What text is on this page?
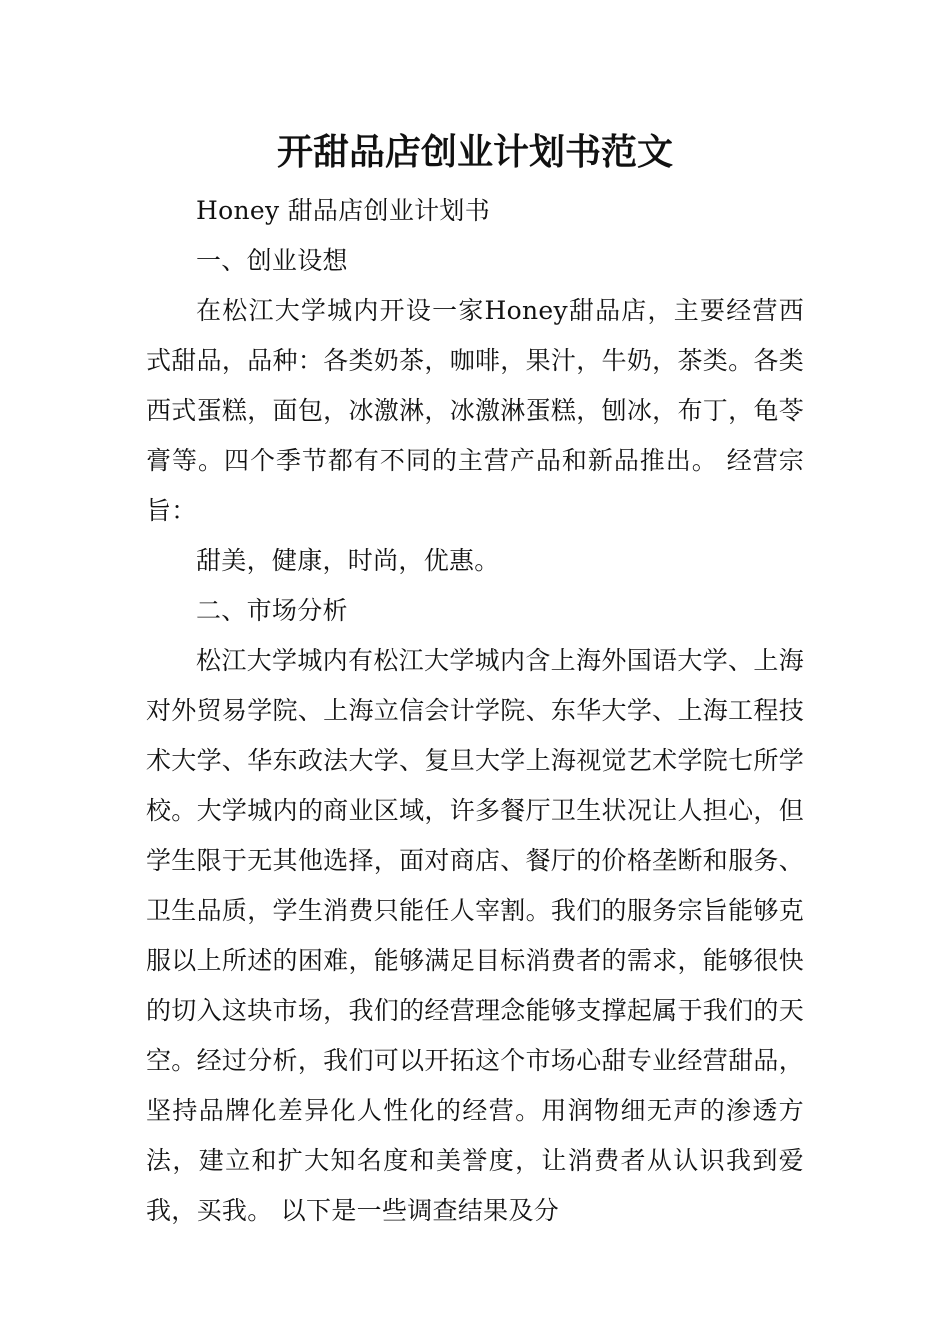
开甜品店创业计划书范文

Honey 甜品店创业计划书

一、创业设想

在松江大学城内开设一家Honey甜品店，主要经营西式甜品，品种：各类奶茶，咖啡，果汁，牛奶，茶类。各类西式蛋糕，面包，冰激淋，冰激淋蛋糕，刨冰，布丁，龟苓膏等。四个季节都有不同的主营产品和新品推出。 经营宗旨：

甜美，健康，时尚，优惠。

二、市场分析

松江大学城内有松江大学城内含上海外国语大学、上海对外贸易学院、上海立信会计学院、东华大学、上海工程技术大学、华东政法大学、复旦大学上海视觉艺术学院七所学校。大学城内的商业区域，许多餐厅卫生状况让人担心，但学生限于无其他选择，面对商店、餐厅的价格垄断和服务、卫生品质，学生消费只能任人宰割。我们的服务宗旨能够克服以上所述的困难，能够满足目标消费者的需求，能够很快的切入这块市场，我们的经营理念能够支撑起属于我们的天空。经过分析，我们可以开拓这个市场心甜专业经营甜品，坚持品牌化差异化人性化的经营。用润物细无声的渗透方法，建立和扩大知名度和美誉度，让消费者从认识我到爱我，买我。 以下是一些调查结果及分
